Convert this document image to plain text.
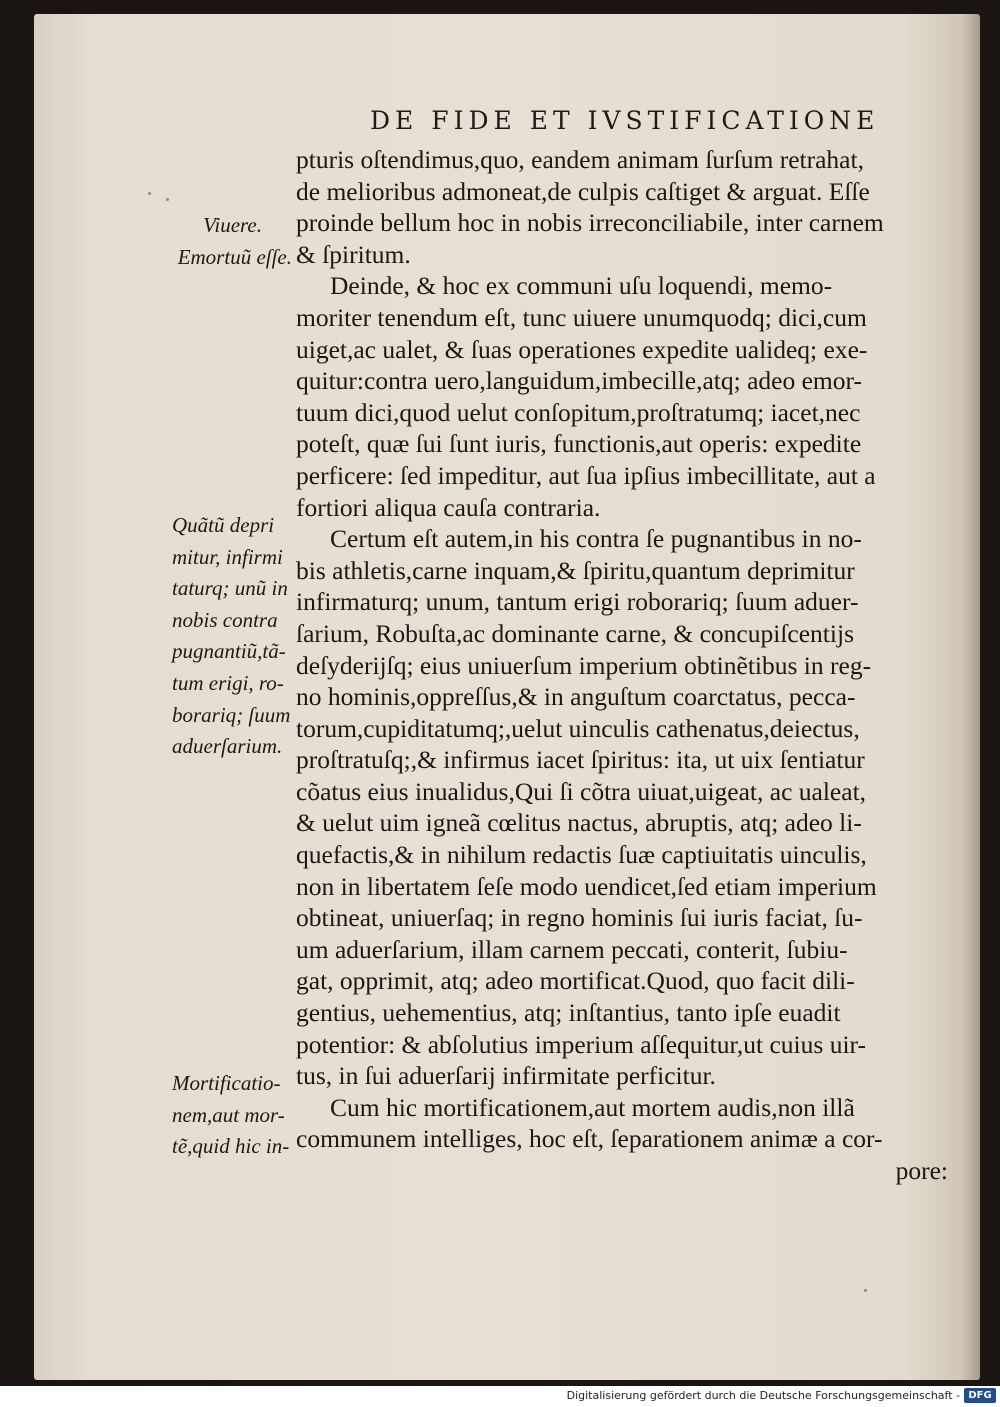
DE FIDE ET IVSTIFICATIONE
Viuere.
Emortuũ eſſe.
Quãtũ depri
mitur, infirmi
taturq; unũ in
nobis contra
pugnantiũ,tã-
tum erigi, ro-
borariq; ſuum
aduerſarium.
Mortificatio-
nem,aut mor-
tẽ,quid hic in-
pturis oſtendimus,quo, eandem animam ſurſum retrahat,
de melioribus admoneat,de culpis caſtiget & arguat. Eſſe
proinde bellum hoc in nobis irreconciliabile, inter carnem
& ſpiritum.
Deinde, & hoc ex communi uſu loquendi, memo-
moriter tenendum eſt, tunc uiuere unumquodq; dici,cum
uiget,ac ualet, & ſuas operationes expedite ualideq; exe-
quitur:contra uero,languidum,imbecille,atq; adeo emor-
tuum dici,quod uelut conſopitum,proſtratumq; iacet,nec
poteſt, quæ ſui ſunt iuris, functionis,aut operis: expedite
perficere: ſed impeditur, aut ſua ipſius imbecillitate, aut a
fortiori aliqua cauſa contraria.
Certum eſt autem,in his contra ſe pugnantibus in no-
bis athletis,carne inquam,& ſpiritu,quantum deprimitur
infirmaturq; unum, tantum erigi roborariq; ſuum aduer-
ſarium, Robuſta,ac dominante carne, & concupiſcentijs
deſyderijſq; eius uniuerſum imperium obtinẽtibus in reg-
no hominis,oppreſſus,& in anguſtum coarctatus, pecca-
torum,cupiditatumq;,uelut uinculis cathenatus,deiectus,
proſtratuſq;,& infirmus iacet ſpiritus: ita, ut uix ſentiatur
cõatus eius inualidus,Qui ſi cõtra uiuat,uigeat, ac ualeat,
& uelut uim igneã cœlitus nactus, abruptis, atq; adeo li-
quefactis,& in nihilum redactis ſuæ captiuitatis uinculis,
non in libertatem ſeſe modo uendicet,ſed etiam imperium
obtineat, uniuerſaq; in regno hominis ſui iuris faciat, ſu-
um aduerſarium, illam carnem peccati, conterit, ſubiu-
gat, opprimit, atq; adeo mortificat.Quod, quo facit dili-
gentius, uehementius, atq; inſtantius, tanto ipſe euadit
potentior: & abſolutius imperium aſſequitur,ut cuius uir-
tus, in ſui aduerſarij infirmitate perficitur.
Cum hic mortificationem,aut mortem audis,non illã
communem intelliges, hoc eſt, ſeparationem animæ a cor-
pore:
Digitalisierung gefördert durch die Deutsche Forschungsgemeinschaft - DFG
